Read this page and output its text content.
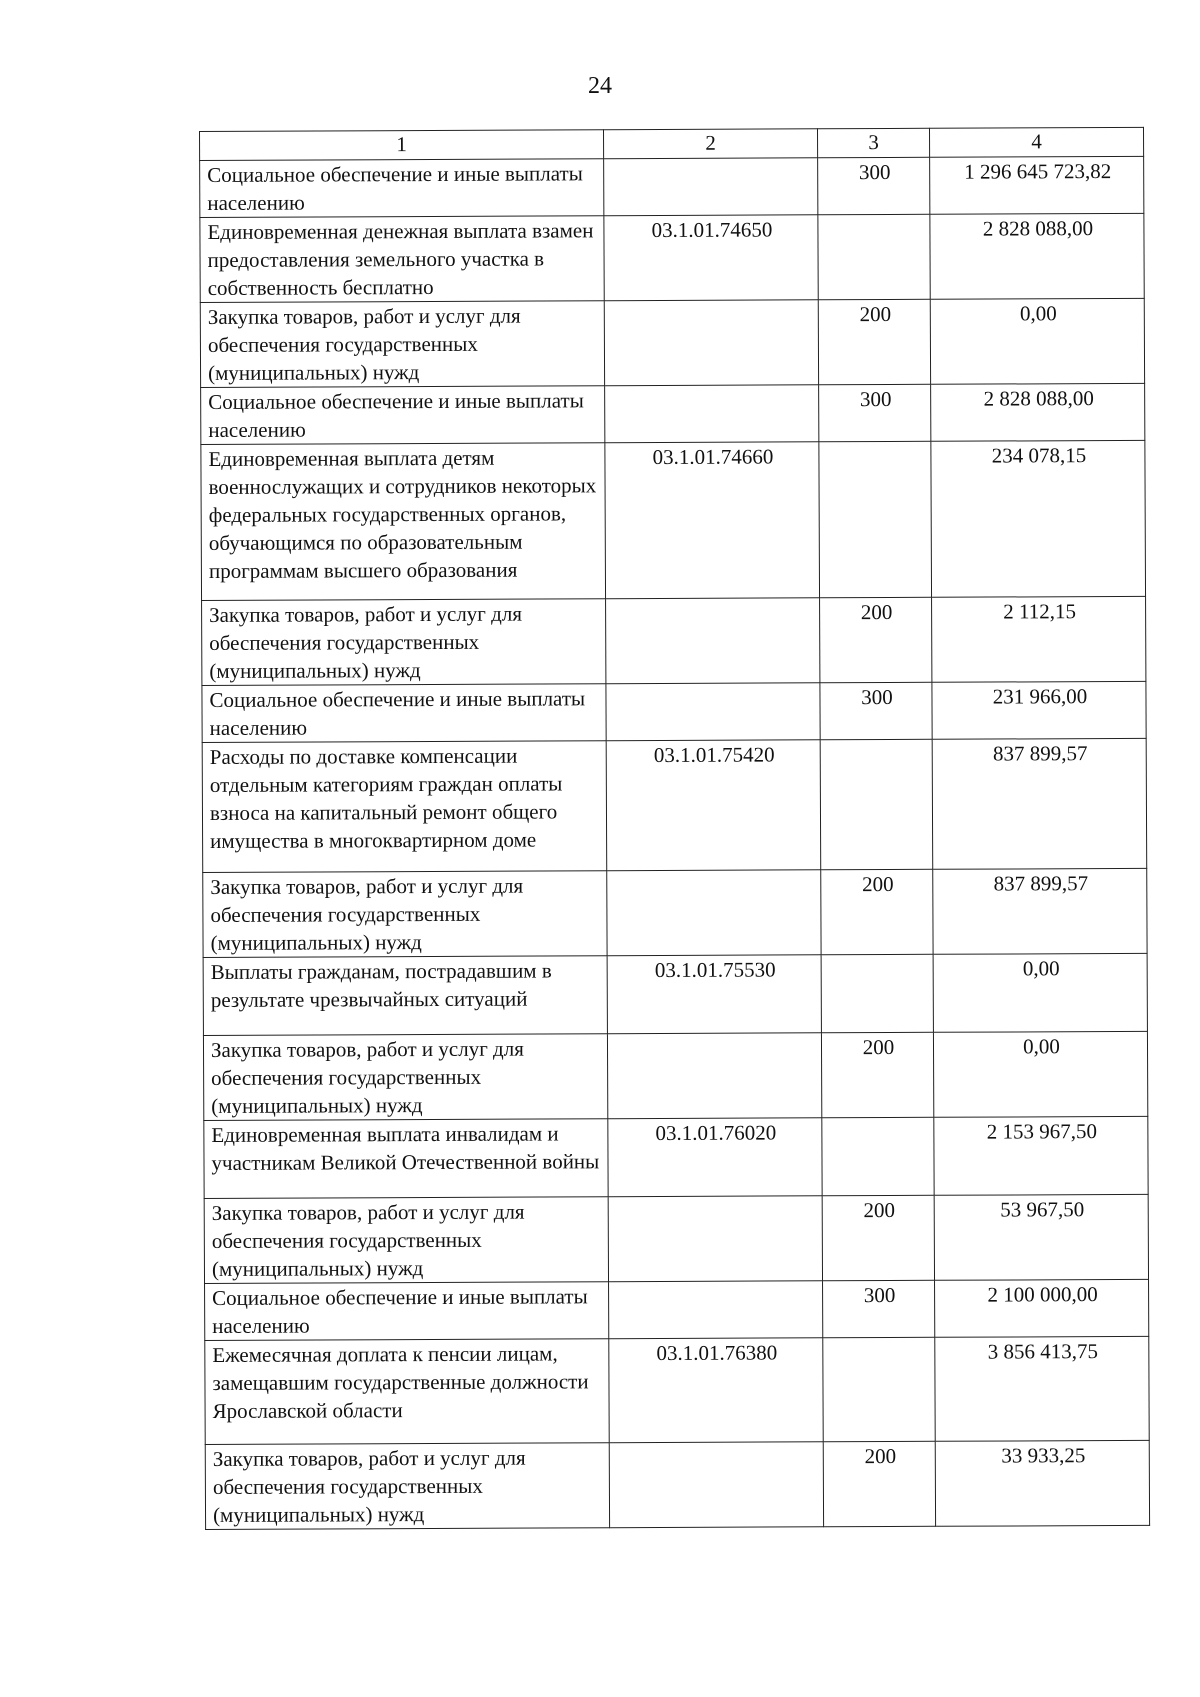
24
1	2	3	4
Социальное обеспечение и иные выплаты населению		300	1 296 645 723,82
Единовременная денежная выплата взамен предоставления земельного участка в собственность бесплатно	03.1.01.74650		2 828 088,00
Закупка товаров, работ и услуг для обеспечения государственных (муниципальных) нужд		200	0,00
Социальное обеспечение и иные выплаты населению		300	2 828 088,00
Единовременная выплата детям военнослужащих и сотрудников некоторых федеральных государственных органов, обучающимся по образовательным программам высшего образования	03.1.01.74660		234 078,15
Закупка товаров, работ и услуг для обеспечения государственных (муниципальных) нужд		200	2 112,15
Социальное обеспечение и иные выплаты населению		300	231 966,00
Расходы по доставке компенсации отдельным категориям граждан оплаты взноса на капитальный ремонт общего имущества в многоквартирном доме	03.1.01.75420		837 899,57
Закупка товаров, работ и услуг для обеспечения государственных (муниципальных) нужд		200	837 899,57
Выплаты гражданам, пострадавшим в результате чрезвычайных ситуаций	03.1.01.75530		0,00
Закупка товаров, работ и услуг для обеспечения государственных (муниципальных) нужд		200	0,00
Единовременная выплата инвалидам и участникам Великой Отечественной войны	03.1.01.76020		2 153 967,50
Закупка товаров, работ и услуг для обеспечения государственных (муниципальных) нужд		200	53 967,50
Социальное обеспечение и иные выплаты населению		300	2 100 000,00
Ежемесячная доплата к пенсии лицам, замещавшим государственные должности Ярославской области	03.1.01.76380		3 856 413,75
Закупка товаров, работ и услуг для обеспечения государственных (муниципальных) нужд		200	33 933,25
